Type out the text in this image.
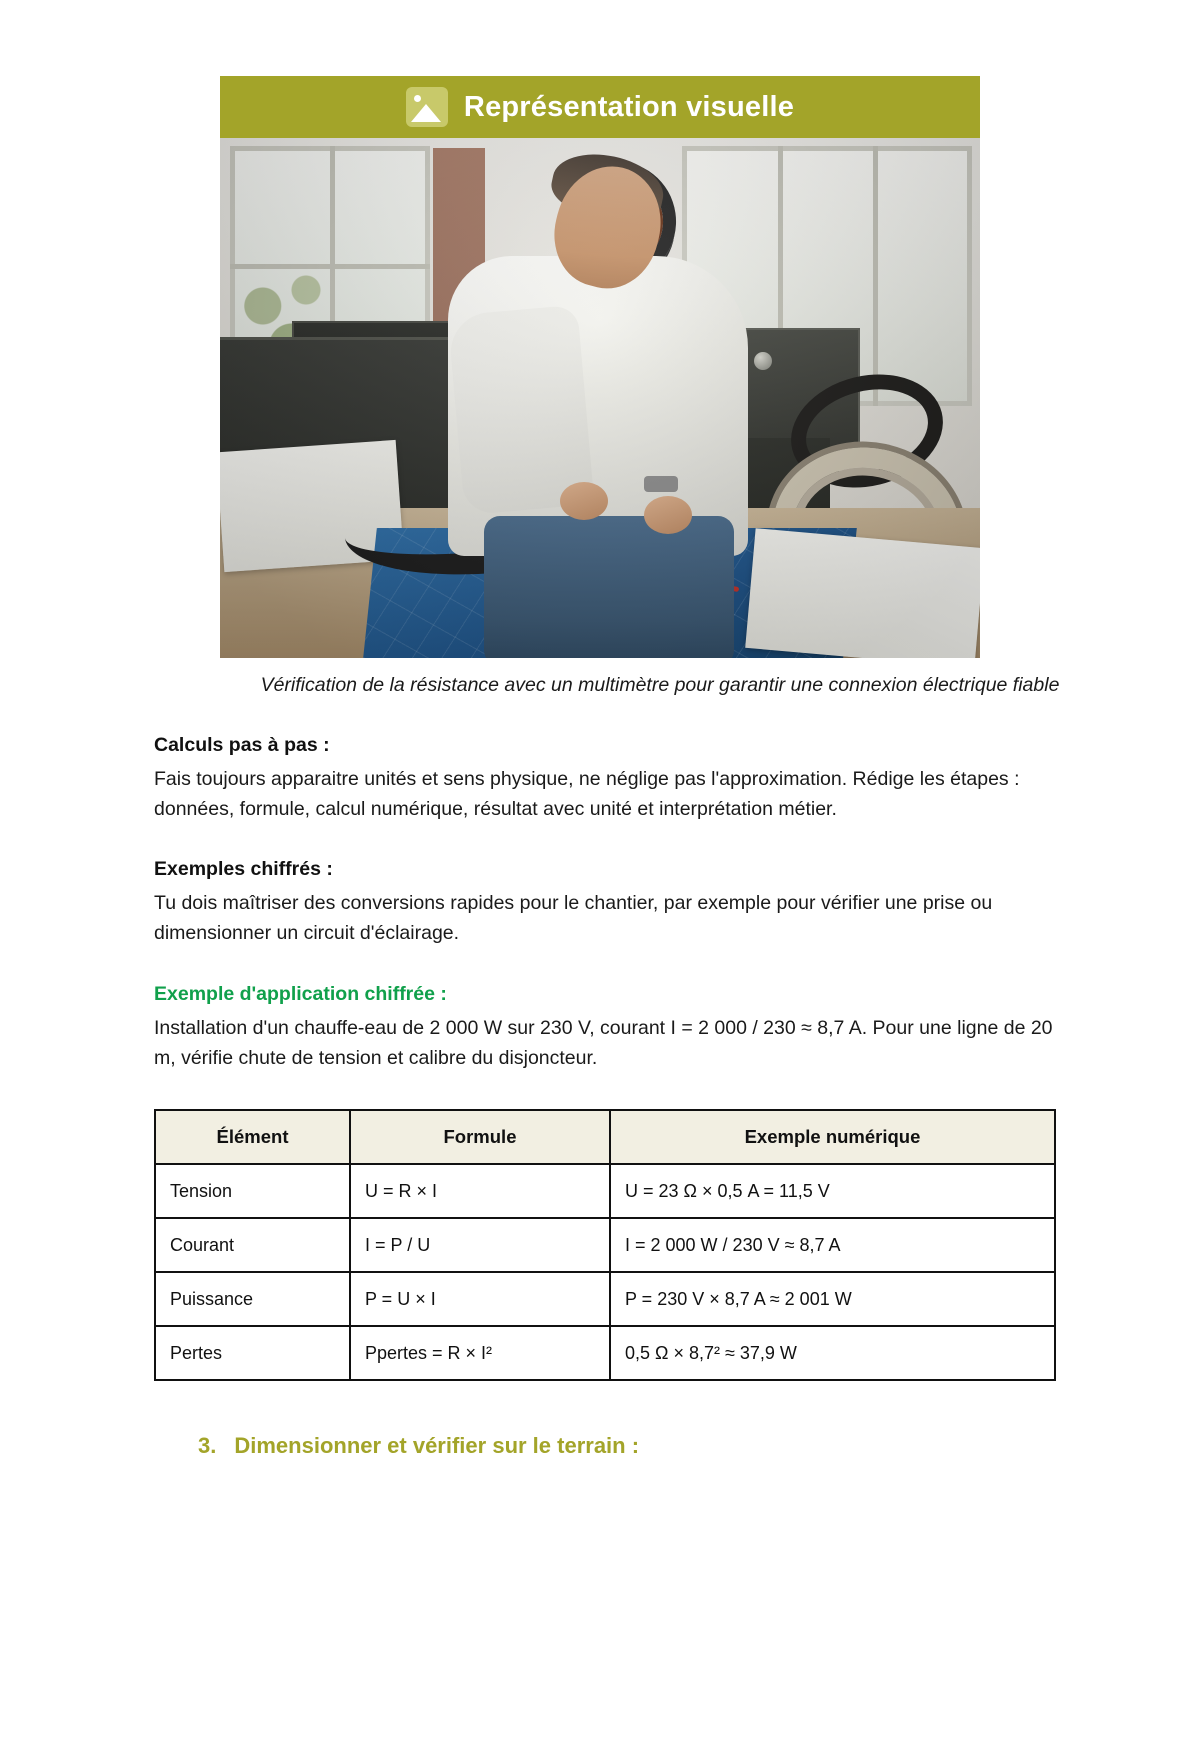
Représentation visuelle
Vérification de la résistance avec un multimètre pour garantir une connexion électrique fiable
Calculs pas à pas :
Fais toujours apparaitre unités et sens physique, ne néglige pas l'approximation. Rédige les étapes : données, formule, calcul numérique, résultat avec unité et interprétation métier.
Exemples chiffrés :
Tu dois maîtriser des conversions rapides pour le chantier, par exemple pour vérifier une prise ou dimensionner un circuit d'éclairage.
Exemple d'application chiffrée :
Installation d'un chauffe-eau de 2 000 W sur 230 V, courant I = 2 000 / 230 ≈ 8,7 A. Pour une ligne de 20 m, vérifie chute de tension et calibre du disjoncteur.
Élément	Formule	Exemple numérique
Tension	U = R × I	U = 23 Ω × 0,5 A = 11,5 V
Courant	I = P / U	I = 2 000 W / 230 V ≈ 8,7 A
Puissance	P = U × I	P = 230 V × 8,7 A ≈ 2 001 W
Pertes	Ppertes = R × I²	0,5 Ω × 8,7² ≈ 37,9 W
3. Dimensionner et vérifier sur le terrain :
